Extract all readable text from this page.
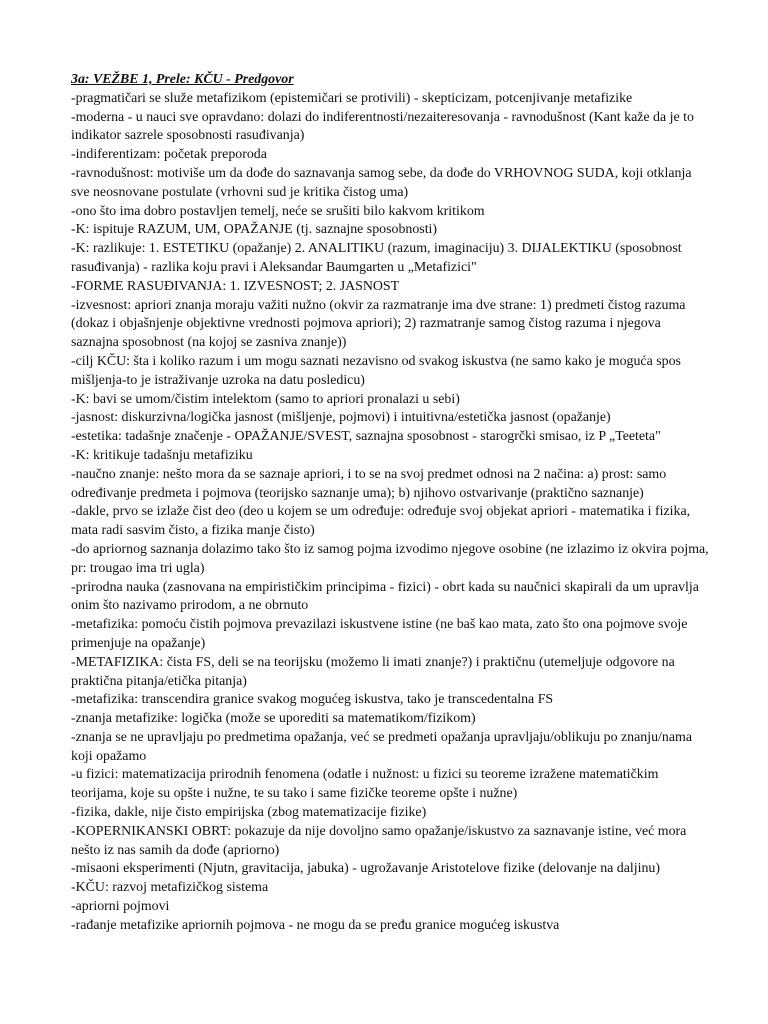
3a: VEŽBE 1, Prele: KČU - Predgovor

-pragmatičari se služe metafizikom (epistemičari se protivili) - skepticizam, potcenjivanje metafizike

-moderna - u nauci sve opravdano: dolazi do indiferentnosti/nezaiteresovanja - ravnodušnost (Kant kaže da je to indikator sazrele sposobnosti rasuđivanja)

-indiferentizam: početak preporoda

-ravnodušnost: motiviše um da dođe do saznavanja samog sebe, da dođe do VRHOVNOG SUDA, koji otklanja sve neosnovane postulate (vrhovni sud je kritika čistog uma)

-ono što ima dobro postavljen temelj, neće se srušiti bilo kakvom kritikom

-K: ispituje RAZUM, UM, OPAŽANJE (tj. saznajne sposobnosti)

-K: razlikuje: 1. ESTETIKU (opažanje) 2. ANALITIKU (razum, imaginaciju) 3. DIJALEKTIKU (sposobnost rasuđivanja) - razlika koju pravi i Aleksandar Baumgarten u „Metafizici"

-FORME RASUĐIVANJA: 1. IZVESNOST; 2. JASNOST

-izvesnost: apriori znanja moraju važiti nužno (okvir za razmatranje ima dve strane: 1) predmeti čistog razuma (dokaz i objašnjenje objektivne vrednosti pojmova apriori); 2) razmatranje samog čistog razuma i njegova saznajna sposobnost (na kojoj se zasniva znanje))

-cilj KČU: šta i koliko razum i um mogu saznati nezavisno od svakog iskustva (ne samo kako je moguća spos mišljenja-to je istraživanje uzroka na datu posledicu)

-K: bavi se umom/čistim intelektom (samo to apriori pronalazi u sebi)

-jasnost: diskurzivna/logička jasnost (mišljenje, pojmovi) i intuitivna/estetička jasnost (opažanje)

-estetika: tadašnje značenje - OPAŽANJE/SVEST, saznajna sposobnost - starogrčki smisao, iz P „Teeteta"

-K: kritikuje tadašnju metafiziku

-naučno znanje: nešto mora da se saznaje apriori, i to se na svoj predmet odnosi na 2 načina: a) prost: samo određivanje predmeta i pojmova (teorijsko saznanje uma); b) njihovo ostvarivanje (praktično saznanje)

-dakle, prvo se izlaže čist deo (deo u kojem se um određuje: određuje svoj objekat apriori - matematika i fizika, mata radi sasvim čisto, a fizika manje čisto)

-do apriornog saznanja dolazimo tako što iz samog pojma izvodimo njegove osobine (ne izlazimo iz okvira pojma, pr: trougao ima tri ugla)

-prirodna nauka (zasnovana na empirističkim principima - fizici) - obrt kada su naučnici skapirali da um upravlja onim što nazivamo prirodom, a ne obrnuto

-metafizika: pomoću čistih pojmova prevazilazi iskustvene istine (ne baš kao mata, zato što ona pojmove svoje primenjuje na opažanje)

-METAFIZIKA: čista FS, deli se na teorijsku (možemo li imati znanje?) i praktičnu (utemeljuje odgovore na praktična pitanja/etička pitanja)

-metafizika: transcendira granice svakog mogućeg iskustva, tako je transcedentalna FS

-znanja metafizike: logička (može se uporediti sa matematikom/fizikom)

-znanja se ne upravljaju po predmetima opažanja, već se predmeti opažanja upravljaju/oblikuju po znanju/nama koji opažamo

-u fizici: matematizacija prirodnih fenomena (odatle i nužnost: u fizici su teoreme izražene matematičkim teorijama, koje su opšte i nužne, te su tako i same fizičke teoreme opšte i nužne)

-fizika, dakle, nije čisto empirijska (zbog matematizacije fizike)

-KOPERNIKANSKI OBRT: pokazuje da nije dovoljno samo opažanje/iskustvo za saznavanje istine, već mora nešto iz nas samih da dođe (apriorno)

-misaoni eksperimenti (Njutn, gravitacija, jabuka) - ugrožavanje Aristotelove fizike (delovanje na daljinu)

-KČU: razvoj metafizičkog sistema

-apriorni pojmovi

-rađanje metafizike apriornih pojmova - ne mogu da se pređu granice mogućeg iskustva
